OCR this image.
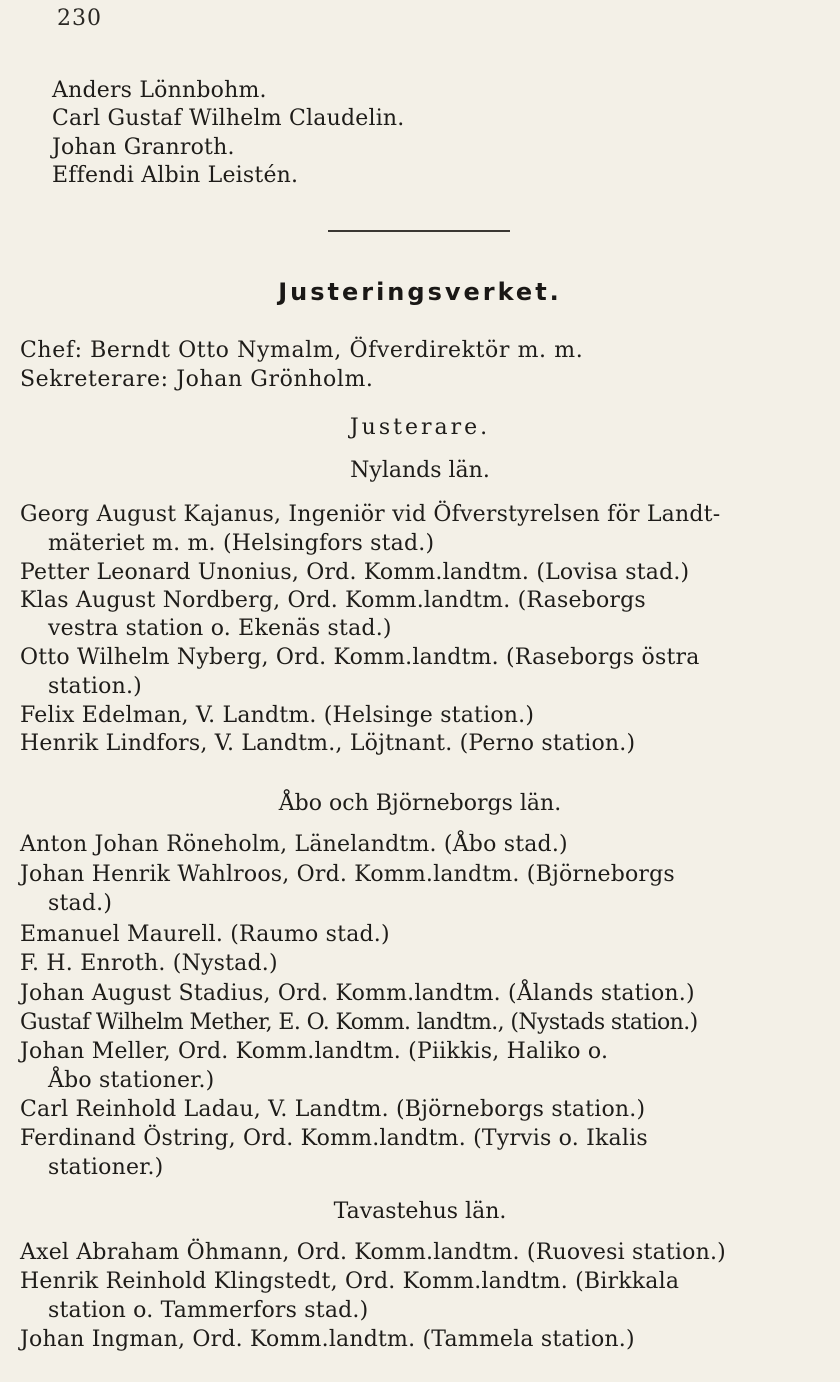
230
Anders Lönnbohm.
Carl Gustaf Wilhelm Claudelin.
Johan Granroth.
Effendi Albin Leistén.
Justeringsverket.
Chef: Berndt Otto Nymalm, Öfverdirektör m. m.
Sekreterare: Johan Grönholm.
Justerare.
Nylands län.
Georg August Kajanus, Ingeniör vid Öfverstyrelsen för Landt-
mäteriet m. m. (Helsingfors stad.)
Petter Leonard Unonius, Ord. Komm.landtm. (Lovisa stad.)
Klas August Nordberg, Ord. Komm.landtm. (Raseborgs
vestra station o. Ekenäs stad.)
Otto Wilhelm Nyberg, Ord. Komm.landtm. (Raseborgs östra
station.)
Felix Edelman, V. Landtm. (Helsinge station.)
Henrik Lindfors, V. Landtm., Löjtnant. (Perno station.)
Åbo och Björneborgs län.
Anton Johan Röneholm, Länelandtm. (Åbo stad.)
Johan Henrik Wahlroos, Ord. Komm.landtm. (Björneborgs
stad.)
Emanuel Maurell. (Raumo stad.)
F. H. Enroth. (Nystad.)
Johan August Stadius, Ord. Komm.landtm. (Ålands station.)
Gustaf Wilhelm Mether, E. O. Komm. landtm., (Nystads station.)
Johan Meller, Ord. Komm.landtm. (Piikkis, Haliko o.
Åbo stationer.)
Carl Reinhold Ladau, V. Landtm. (Björneborgs station.)
Ferdinand Östring, Ord. Komm.landtm. (Tyrvis o. Ikalis
stationer.)
Tavastehus län.
Axel Abraham Öhmann, Ord. Komm.landtm. (Ruovesi station.)
Henrik Reinhold Klingstedt, Ord. Komm.landtm. (Birkkala
station o. Tammerfors stad.)
Johan Ingman, Ord. Komm.landtm. (Tammela station.)
